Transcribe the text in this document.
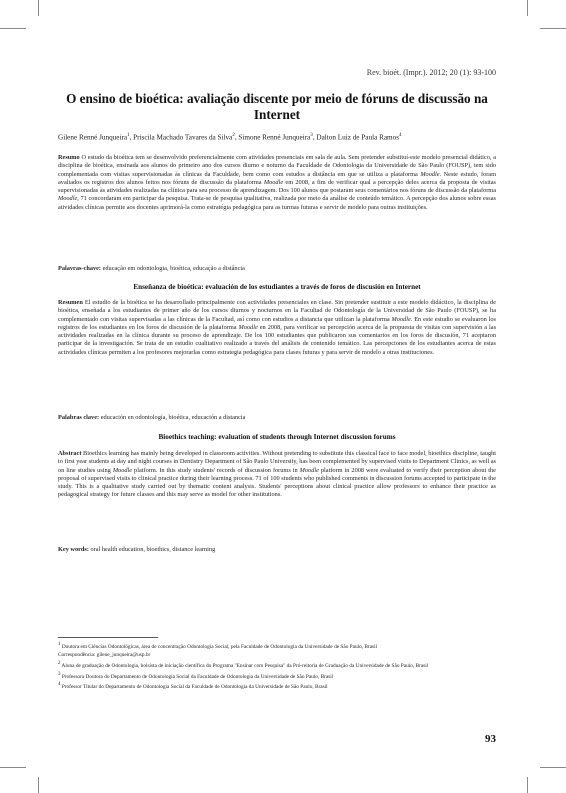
Rev. bioét. (Impr.). 2012; 20 (1): 93-100
O ensino de bioética: avaliação discente por meio de fóruns de discussão na Internet
Gilene Renné Junqueira$^1$, Priscila Machado Tavares da Silva$^2$, Simone Renné Junqueira$^3$, Dalton Luiz de Paula Ramos$^4$

Resumo O estudo da bioética tem se desenvolvido preferencialmente com atividades presenciais em sala de aula. Sem pretender substituí-este modelo presencial didático, a disciplina de bioética, ensinada aos alunos do primeiro ano dos cursos diurno e noturno da Faculdade de Odontologia da Universidade de São Paulo (FOUSP), tem sido complementada com visitas supervisionadas às clínicas da Faculdade, bem como com estudos a distância em que se utiliza a plataforma Moodle. Neste estudo, foram avaliados os registros dos alunos feitos nos fóruns de discussão da plataforma Moodle em 2008, a fim de verificar qual a percepção deles acerca da proposta de visitas supervisionadas às atividades realizadas na clínica para seu processo de aprendizagem. Dos 100 alunos que postaram seus comentários nos fóruns de discussão da plataforma Moodle, 71 concordaram em participar da pesquisa. Trata-se de pesquisa qualitativa, realizada por meio da análise de conteúdo temático. A percepção dos alunos sobre essas atividades clínicas permite aos docentes aprimorá-la como estratégia pedagógica para as turmas futuras e servir de modelo para outras instituições.

Palavras-chave: educação em odontologia, bioética, educação a distância

Enseñanza de bioética: evaluación de los estudiantes a través de foros de discusión en Internet

Resumen El estudio de la bioética se ha desarrollado principalmente con actividades presenciales en clase. Sin pretender sustituir a este modelo didáctico, la disciplina de bioética, enseñada a los estudiantes de primer año de los cursos diurnos y nocturnos en la Facultad de Odontología de la Universidad de São Paulo (FOUSP), se ha complementado con visitas supervisadas a las clínicas de la Facultad, así como con estudios a distancia que utilizan la plataforma Moodle. En este estudio se evaluaron los registros de los estudiantes en los foros de discusión de la plataforma Moodle en 2008, para verificar su percepción acerca de la propuesta de visitas con supervisión a las actividades realizadas en la clínica durante su proceso de aprendizaje. De los 100 estudiantes que publicaron sus comentarios en los foros de discusión, 71 aceptaron participar de la investigación. Se trata de un estudio cualitativo realizado a través del análisis de contenido temático. Las percepciones de los estudiantes acerca de estas actividades clínicas permiten a los profesores mejorarlas como estrategia pedagógica para clases futuras y para servir de modelo a otras instituciones.

Palabras clave: educación en odontología, bioética, educación a distancia

Bioethics teaching: evaluation of students through Internet discussion forums

Abstract Bioethics learning has mainly being developed in classroom activities. Without pretending to substitute this classical face to face model, bioethics discipline, taught to first year students at day and night courses in Dentistry Department of São Paulo University, has been complemented by supervised visits to Department Clinics, as well as on line studies using Moodle platform. In this study students' records of discussion forums in Moodle platform in 2008 were evaluated to verify their perception about the proposal of supervised visits to clinical practice during their learning process. 71 of 100 students who published comments in discussion forums accepted to participate in the study. This is a qualitative study carried out by thematic content analysis. Students' perceptions about clinical practice allow professors to enhance their practice as pedagogical strategy for future classes and this may serve as model for other institutions.

Key words: oral health education, bioethics, distance learning

$^1$ Doutora em Ciências Odontológicas, área de concentração Odontologia Social, pela Faculdade de Odontologia da Universidade de São Paulo, Brasil

Correspondência: gilene_junqueira@usp.br

$^2$ Aluna de graduação de Odontologia, bolsista de iniciação científica do Programa "Ensinar com Pesquisa" da Pró-reitoria de Graduação da Universidade de São Paulo, Brasil

$^3$ Professora Doutora do Departamento de Odontologia Social da Faculdade de Odontologia da Universidade de São Paulo, Brasil

$^4$ Professor Titular do Departamento de Odontologia Social da Faculdade de Odontologia da Universidade de São Paulo, Brasil

93
